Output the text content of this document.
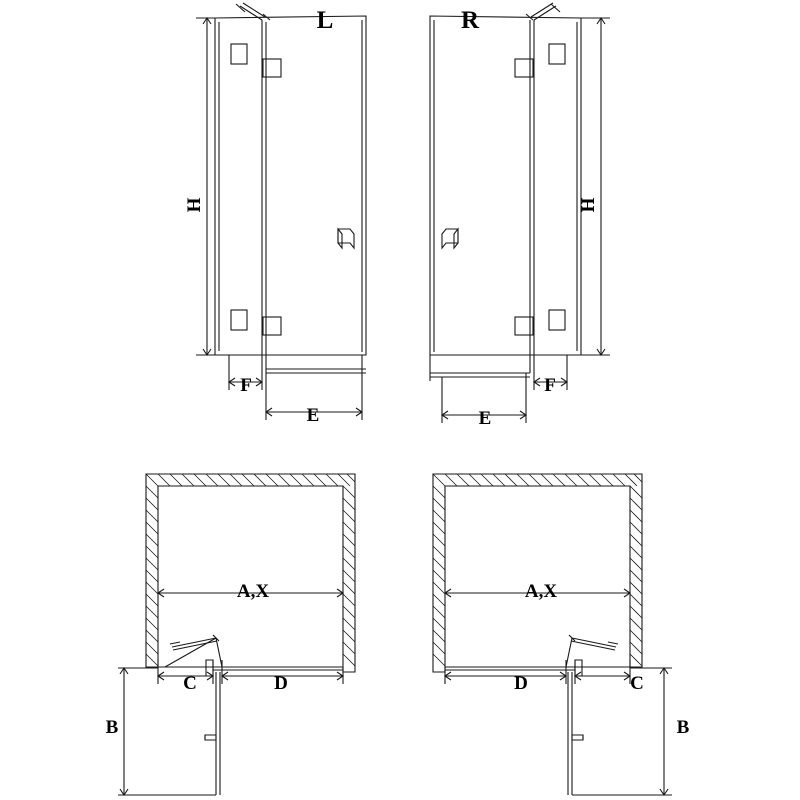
L	R
H	H
F
E	E
F
A,X	A,X
C	D	D	C
B	B
